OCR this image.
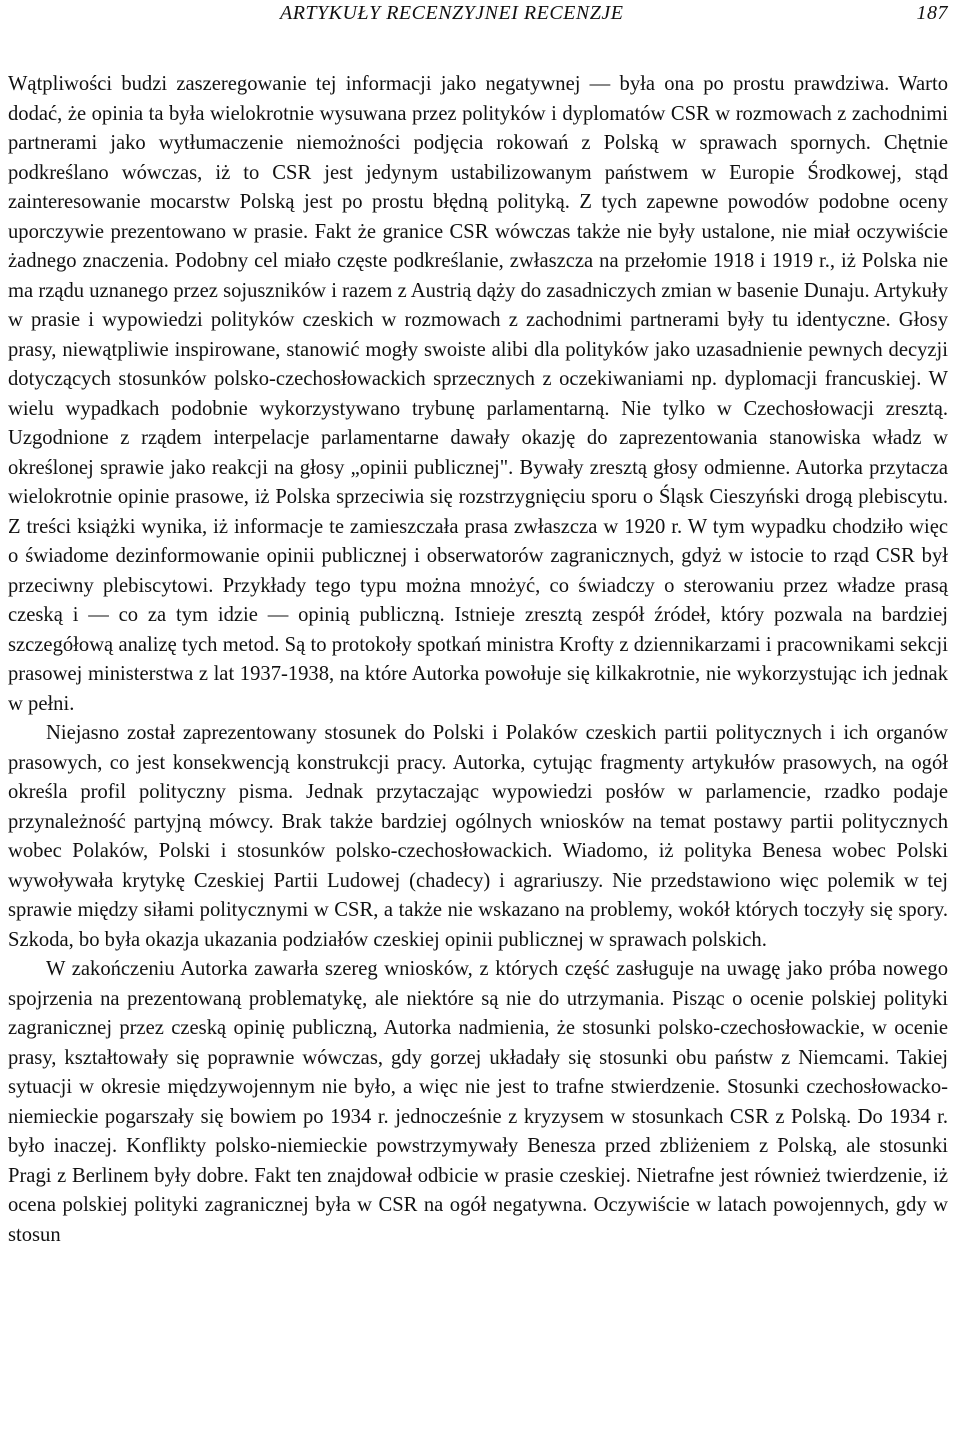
ARTYKUŁY RECENZYJNEI RECENZJE	187

Wątpliwości budzi zaszeregowanie tej informacji jako negatywnej — była ona po prostu prawdziwa. Warto dodać, że opinia ta była wielokrotnie wysuwana przez polityków i dyplomatów CSR w rozmowach z zachodnimi partnerami jako wytłumaczenie niemożności podjęcia rokowań z Polską w sprawach spornych. Chętnie podkreślano wówczas, iż to CSR jest jedynym ustabilizowanym państwem w Europie Środkowej, stąd zainteresowanie mocarstw Polską jest po prostu błędną polityką. Z tych zapewne powodów podobne oceny uporczywie prezentowano w prasie. Fakt że granice CSR wówczas także nie były ustalone, nie miał oczywiście żadnego znaczenia. Podobny cel miało częste podkreślanie, zwłaszcza na przełomie 1918 i 1919 r., iż Polska nie ma rządu uznanego przez sojuszników i razem z Austrią dąży do zasadniczych zmian w basenie Dunaju. Artykuły w prasie i wypowiedzi polityków czeskich w rozmowach z zachodnimi partnerami były tu identyczne. Głosy prasy, niewątpliwie inspirowane, stanowić mogły swoiste alibi dla polityków jako uzasadnienie pewnych decyzji dotyczących stosunków polsko-czechosłowackich sprzecznych z oczekiwaniami np. dyplomacji francuskiej. W wielu wypadkach podobnie wykorzystywano trybunę parlamentarną. Nie tylko w Czechosłowacji zresztą. Uzgodnione z rządem interpelacje parlamentarne dawały okazję do zaprezentowania stanowiska władz w określonej sprawie jako reakcji na głosy „opinii publicznej". Bywały zresztą głosy odmienne. Autorka przytacza wielokrotnie opinie prasowe, iż Polska sprzeciwia się rozstrzygnięciu sporu o Śląsk Cieszyński drogą plebiscytu. Z treści książki wynika, iż informacje te zamieszczała prasa zwłaszcza w 1920 r. W tym wypadku chodziło więc o świadome dezinformowanie opinii publicznej i obserwatorów zagranicznych, gdyż w istocie to rząd CSR był przeciwny plebiscytowi. Przykłady tego typu można mnożyć, co świadczy o sterowaniu przez władze prasą czeską i — co za tym idzie — opinią publiczną. Istnieje zresztą zespół źródeł, który pozwala na bardziej szczegółową analizę tych metod. Są to protokoły spotkań ministra Krofty z dziennikarzami i pracownikami sekcji prasowej ministerstwa z lat 1937-1938, na które Autorka powołuje się kilkakrotnie, nie wykorzystując ich jednak w pełni.

Niejasno został zaprezentowany stosunek do Polski i Polaków czeskich partii politycznych i ich organów prasowych, co jest konsekwencją konstrukcji pracy. Autorka, cytując fragmenty artykułów prasowych, na ogół określa profil polityczny pisma. Jednak przytaczając wypowiedzi posłów w parlamencie, rzadko podaje przynależność partyjną mówcy. Brak także bardziej ogólnych wniosków na temat postawy partii politycznych wobec Polaków, Polski i stosunków polsko-czechosłowackich. Wiadomo, iż polityka Benesa wobec Polski wywoływała krytykę Czeskiej Partii Ludowej (chadecy) i agrariuszy. Nie przedstawiono więc polemik w tej sprawie między siłami politycznymi w CSR, a także nie wskazano na problemy, wokół których toczyły się spory. Szkoda, bo była okazja ukazania podziałów czeskiej opinii publicznej w sprawach polskich.

W zakończeniu Autorka zawarła szereg wniosków, z których część zasługuje na uwagę jako próba nowego spojrzenia na prezentowaną problematykę, ale niektóre są nie do utrzymania. Pisząc o ocenie polskiej polityki zagranicznej przez czeską opinię publiczną, Autorka nadmienia, że stosunki polsko-czechosłowackie, w ocenie prasy, kształtowały się poprawnie wówczas, gdy gorzej układały się stosunki obu państw z Niemcami. Takiej sytuacji w okresie międzywojennym nie było, a więc nie jest to trafne stwierdzenie. Stosunki czechosłowacko-niemieckie pogarszały się bowiem po 1934 r. jednocześnie z kryzysem w stosunkach CSR z Polską. Do 1934 r. było inaczej. Konflikty polsko-niemieckie powstrzymywały Benesza przed zbliżeniem z Polską, ale stosunki Pragi z Berlinem były dobre. Fakt ten znajdował odbicie w prasie czeskiej. Nietrafne jest również twierdzenie, iż ocena polskiej polityki zagranicznej była w CSR na ogół negatywna. Oczywiście w latach powojennych, gdy w stosun
